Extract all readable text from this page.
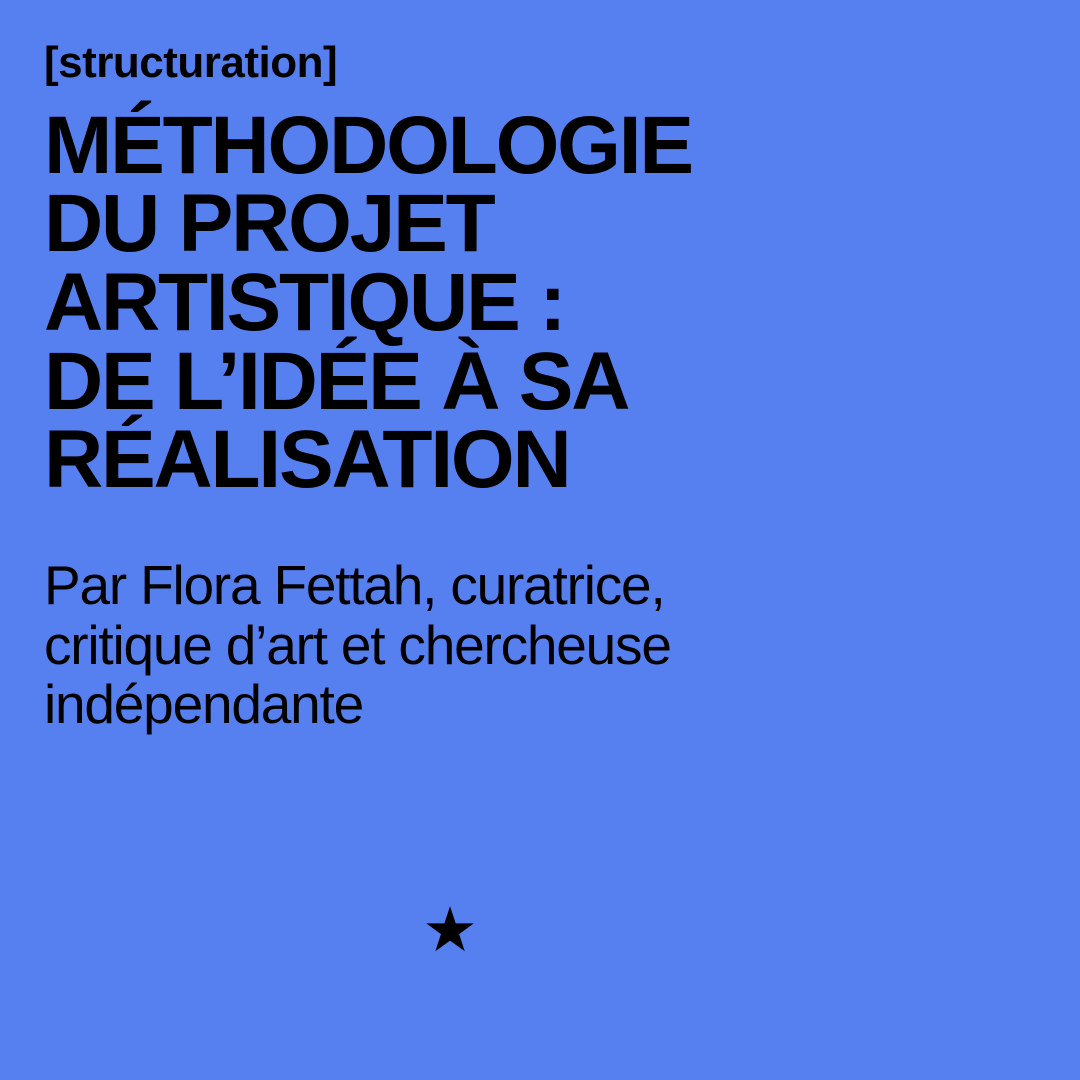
[structuration]
MÉTHODOLOGIE
DU PROJET
ARTISTIQUE :
DE L’IDÉE À SA
RÉALISATION

Par Flora Fettah, curatrice,
critique d’art et chercheuse
indépendante

★
